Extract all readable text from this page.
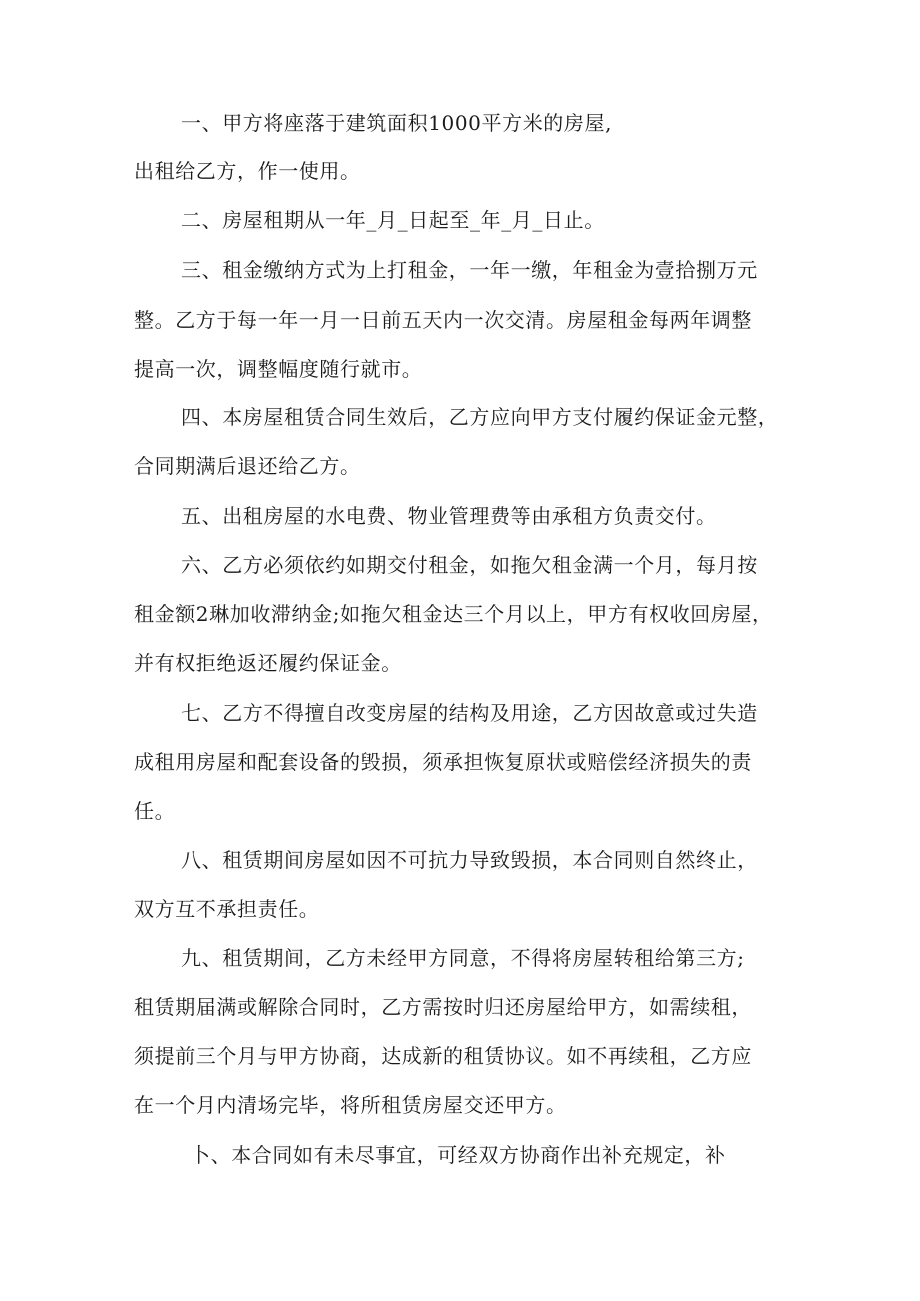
一、甲方将座落于建筑面积1000平方米的房屋,
出租给乙方，作一使用。
二、房屋租期从一年_月_日起至_年_月_日止。
三、租金缴纳方式为上打租金，一年一缴，年租金为壹拾捌万元
整。乙方于每一年一月一日前五天内一次交清。房屋租金每两年调整
提高一次，调整幅度随行就市。
四、本房屋租赁合同生效后，乙方应向甲方支付履约保证金元整，
合同期满后退还给乙方。
五、出租房屋的水电费、物业管理费等由承租方负责交付。
六、乙方必须依约如期交付租金，如拖欠租金满一个月，每月按
租金额2琳加收滞纳金;如拖欠租金达三个月以上，甲方有权收回房屋，
并有权拒绝返还履约保证金。
七、乙方不得擅自改变房屋的结构及用途，乙方因故意或过失造
成租用房屋和配套设备的毁损，须承担恢复原状或赔偿经济损失的责
任。
八、租赁期间房屋如因不可抗力导致毁损，本合同则自然终止，
双方互不承担责任。
九、租赁期间，乙方未经甲方同意，不得将房屋转租给第三方;
租赁期届满或解除合同时，乙方需按时归还房屋给甲方，如需续租，
须提前三个月与甲方协商，达成新的租赁协议。如不再续租，乙方应
在一个月内清场完毕，将所租赁房屋交还甲方。
卜、本合同如有未尽事宜，可经双方协商作出补充规定，补
